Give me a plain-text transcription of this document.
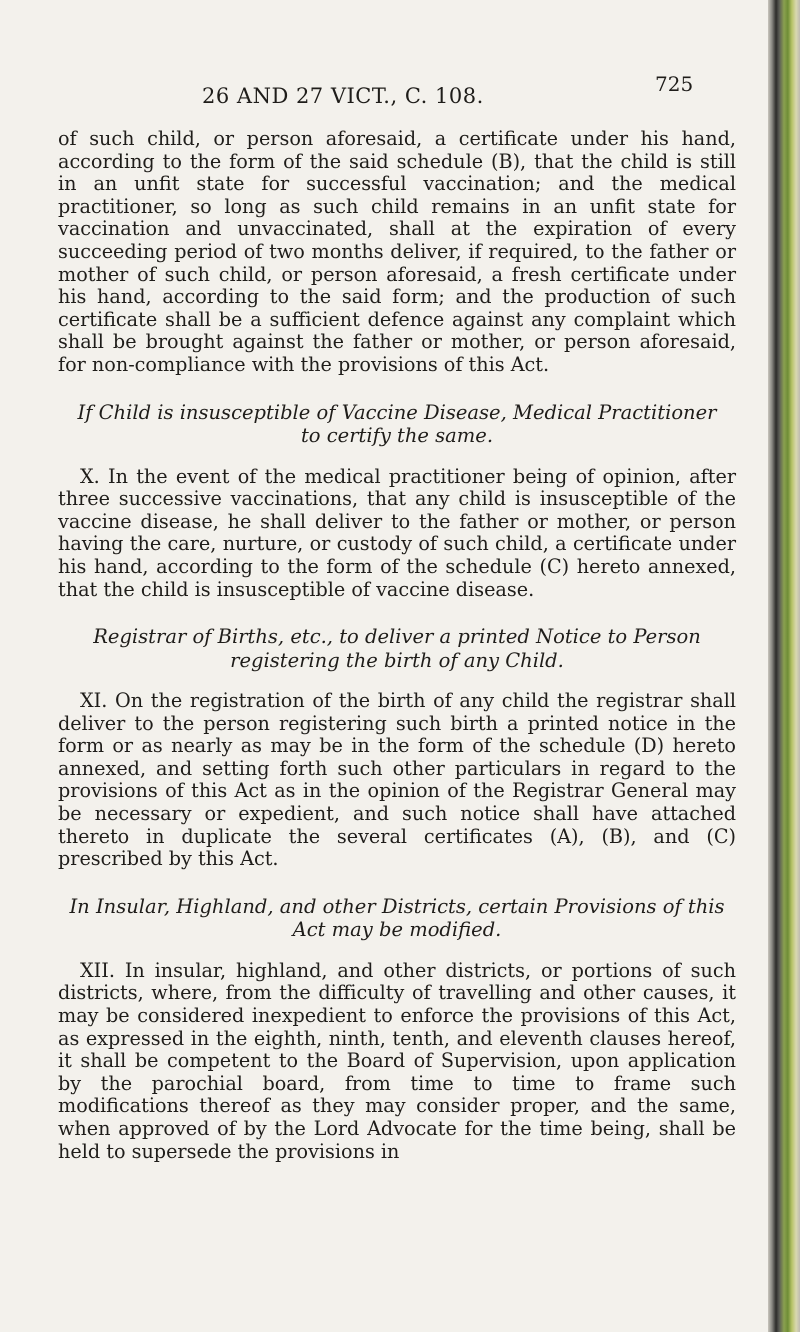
26 AND 27 VICT., C. 108.	725

of such child, or person aforesaid, a certificate under his hand, according to the form of the said schedule (B), that the child is still in an unfit state for successful vaccination; and the medical practitioner, so long as such child remains in an unfit state for vaccination and unvaccinated, shall at the expiration of every succeeding period of two months deliver, if required, to the father or mother of such child, or person aforesaid, a fresh certificate under his hand, according to the said form; and the production of such certificate shall be a sufficient defence against any complaint which shall be brought against the father or mother, or person aforesaid, for non-compliance with the provisions of this Act.

If Child is insusceptible of Vaccine Disease, Medical Practitioner to certify the same.

X. In the event of the medical practitioner being of opinion, after three successive vaccinations, that any child is insusceptible of the vaccine disease, he shall deliver to the father or mother, or person having the care, nurture, or custody of such child, a certificate under his hand, according to the form of the schedule (C) hereto annexed, that the child is insusceptible of vaccine disease.

Registrar of Births, etc., to deliver a printed Notice to Person registering the birth of any Child.

XI. On the registration of the birth of any child the registrar shall deliver to the person registering such birth a printed notice in the form or as nearly as may be in the form of the schedule (D) hereto annexed, and setting forth such other particulars in regard to the provisions of this Act as in the opinion of the Registrar General may be necessary or expedient, and such notice shall have attached thereto in duplicate the several certificates (A), (B), and (C) prescribed by this Act.

In Insular, Highland, and other Districts, certain Provisions of this Act may be modified.

XII. In insular, highland, and other districts, or portions of such districts, where, from the difficulty of travelling and other causes, it may be considered inexpedient to enforce the provisions of this Act, as expressed in the eighth, ninth, tenth, and eleventh clauses hereof, it shall be competent to the Board of Supervision, upon application by the parochial board, from time to time to frame such modifications thereof as they may consider proper, and the same, when approved of by the Lord Advocate for the time being, shall be held to supersede the provisions in
